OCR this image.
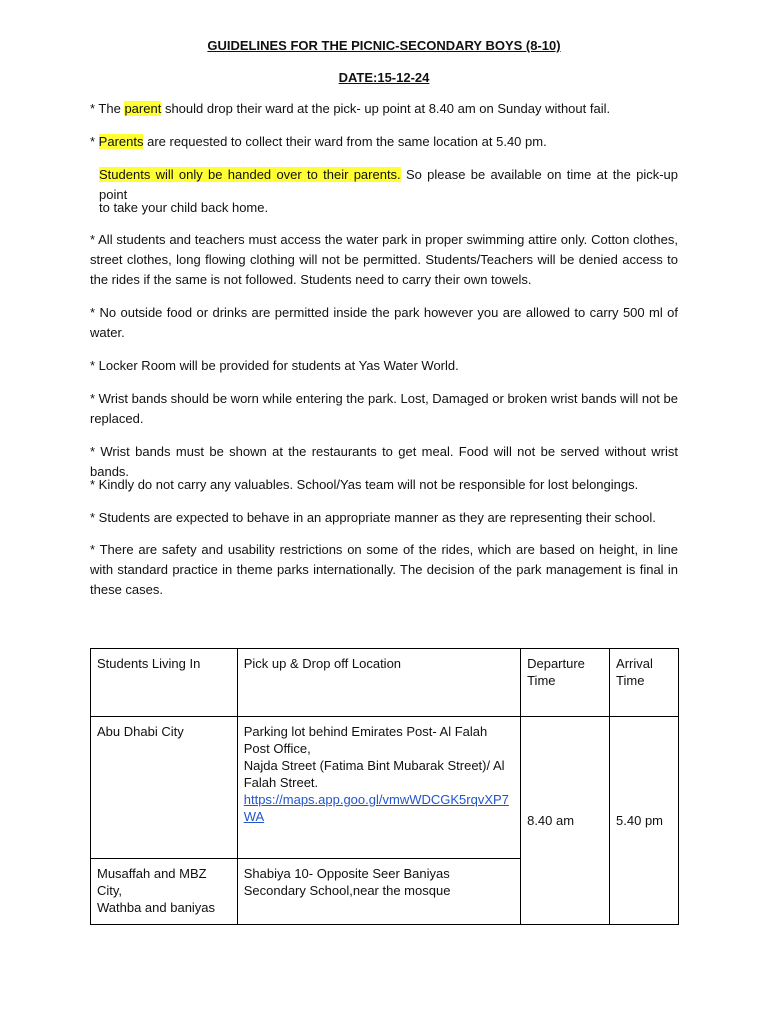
GUIDELINES FOR THE PICNIC-SECONDARY BOYS (8-10)
DATE:15-12-24
* The parent should drop their ward at the pick- up point at 8.40 am on Sunday without fail.
* Parents are requested to collect their ward from the same location at 5.40 pm.
Students will only be handed over to their parents. So please be available on time at the pick-up point
to take your child back home.
* All students and teachers must access the water park in proper swimming attire only. Cotton clothes, street clothes, long flowing clothing will not be permitted. Students/Teachers will be denied access to the rides if the same is not followed. Students need to carry their own towels.
* No outside food or drinks are permitted inside the park however you are allowed to carry 500 ml of water.
* Locker Room will be provided for students at Yas Water World.
* Wrist bands should be worn while entering the park. Lost, Damaged or broken wrist bands will not be replaced.
* Wrist bands must be shown at the restaurants to get meal. Food will not be served without wrist bands.
* Kindly do not carry any valuables. School/Yas team will not be responsible for lost belongings.
* Students are expected to behave in an appropriate manner as they are representing their school.
* There are safety and usability restrictions on some of the rides, which are based on height, in line with standard practice in theme parks internationally. The decision of the park management is final in these cases.
Students Living In	Pick up & Drop off Location	Departure Time	Arrival Time
Abu Dhabi City	Parking lot behind Emirates Post- Al Falah Post Office,
Najda Street (Fatima Bint Mubarak Street)/ Al Falah Street.
https://maps.app.goo.gl/vmwWDCGK5rqvXP7WA	8.40 am	5.40 pm

Musaffah and MBZ City,
Wathba and baniyas	Shabiya 10- Opposite Seer Baniyas Secondary School,near the mosque		
